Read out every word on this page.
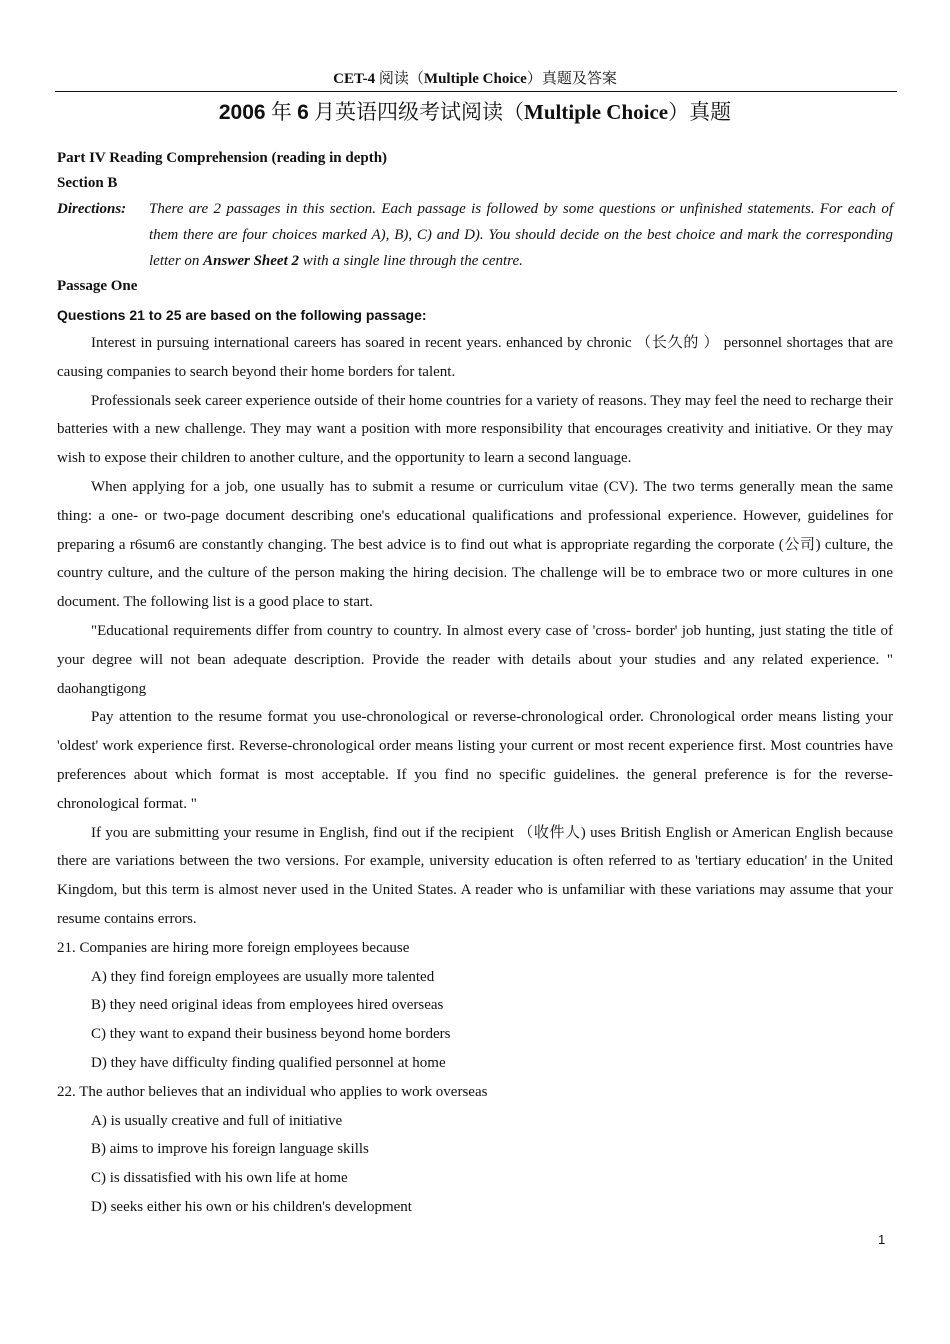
CET-4 阅读（Multiple Choice）真题及答案
2006 年 6 月英语四级考试阅读（Multiple Choice）真题
Part IV Reading Comprehension (reading in depth)
Section B
Directions: There are 2 passages in this section. Each passage is followed by some questions or unfinished statements. For each of them there are four choices marked A), B), C) and D). You should decide on the best choice and mark the corresponding letter on Answer Sheet 2 with a single line through the centre.
Passage One
Questions 21 to 25 are based on the following passage:

Interest in pursuing international careers has soared in recent years. enhanced by chronic （长久的 ） personnel shortages that are causing companies to search beyond their home borders for talent.

Professionals seek career experience outside of their home countries for a variety of reasons. They may feel the need to recharge their batteries with a new challenge. They may want a position with more responsibility that encourages creativity and initiative. Or they may wish to expose their children to another culture, and the opportunity to learn a second language.

When applying for a job, one usually has to submit a resume or curriculum vitae (CV). The two terms generally mean the same thing: a one- or two-page document describing one's educational qualifications and professional experience. However, guidelines for preparing a r6sum6 are constantly changing. The best advice is to find out what is appropriate regarding the corporate (公司) culture, the country culture, and the culture of the person making the hiring decision. The challenge will be to embrace two or more cultures in one document. The following list is a good place to start.

"Educational requirements differ from country to country. In almost every case of 'cross- border' job hunting, just stating the title of your degree will not bean adequate description. Provide the reader with details about your studies and any related experience. " daohangtigong

Pay attention to the resume format you use-chronological or reverse-chronological order. Chronological order means listing your 'oldest' work experience first. Reverse-chronological order means listing your current or most recent experience first. Most countries have preferences about which format is most acceptable. If you find no specific guidelines. the general preference is for the reverse-chronological format. "

If you are submitting your resume in English, find out if the recipient （收件人) uses British English or American English because there are variations between the two versions. For example, university education is often referred to as 'tertiary education' in the United Kingdom, but this term is almost never used in the United States. A reader who is unfamiliar with these variations may assume that your resume contains errors.

21. Companies are hiring more foreign employees because
A) they find foreign employees are usually more talented
B) they need original ideas from employees hired overseas
C) they want to expand their business beyond home borders
D) they have difficulty finding qualified personnel at home
22. The author believes that an individual who applies to work overseas
A) is usually creative and full of initiative
B) aims to improve his foreign language skills
C) is dissatisfied with his own life at home
D) seeks either his own or his children's development
1
